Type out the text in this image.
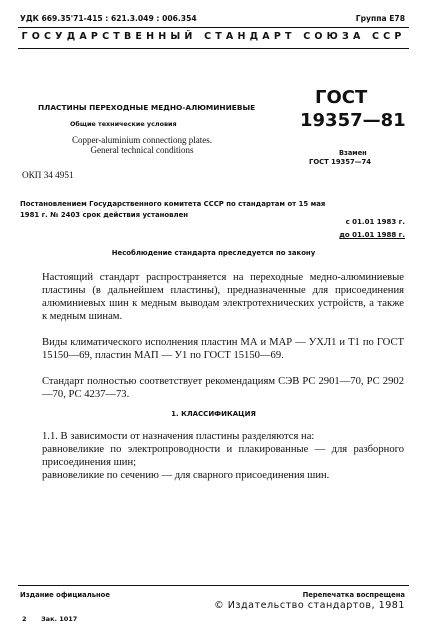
УДК 669.35'71-415 : 621.3.049 : 006.354	Группа Е78
ГОСУДАРСТВЕННЫЙ СТАНДАРТ СОЮЗА ССР
ПЛАСТИНЫ ПЕРЕХОДНЫЕ МЕДНО-АЛЮМИНИЕВЫЕ
Общие технические условия
Copper-aluminium connectiong plates.
General technical conditions
ГОСТ
19357—81
Взамен
ГОСТ 19357—74
ОКП 34 4951
Постановлением Государственного комитета СССР по стандартам от 15 мая
1981 г. № 2403 срок действия установлен
с 01.01 1983 г.
до 01.01 1988 г.
Несоблюдение стандарта преследуется по закону
Настоящий стандарт распространяется на переходные медно-алюминиевые пластины (в дальнейшем пластины), предназначенные для присоединения алюминиевых шин к медным выводам электротехнических устройств, а также к медным шинам.
Виды климатического исполнения пластин МА и МАР — УХЛ1 и Т1 по ГОСТ 15150—69, пластин МАП — У1 по ГОСТ 15150—69.
Стандарт полностью соответствует рекомендациям СЭВ РС 2901—70, РС 2902—70, РС 4237—73.
1. КЛАССИФИКАЦИЯ
1.1. В зависимости от назначения пластины разделяются на:
равновеликие по электропроводности и плакированные — для разборного присоединения шин;
равновеликие по сечению — для сварного присоединения шин.
Издание официальное	Перепечатка воспрещена
© Издательство стандартов, 1981
2 Зак. 1017
